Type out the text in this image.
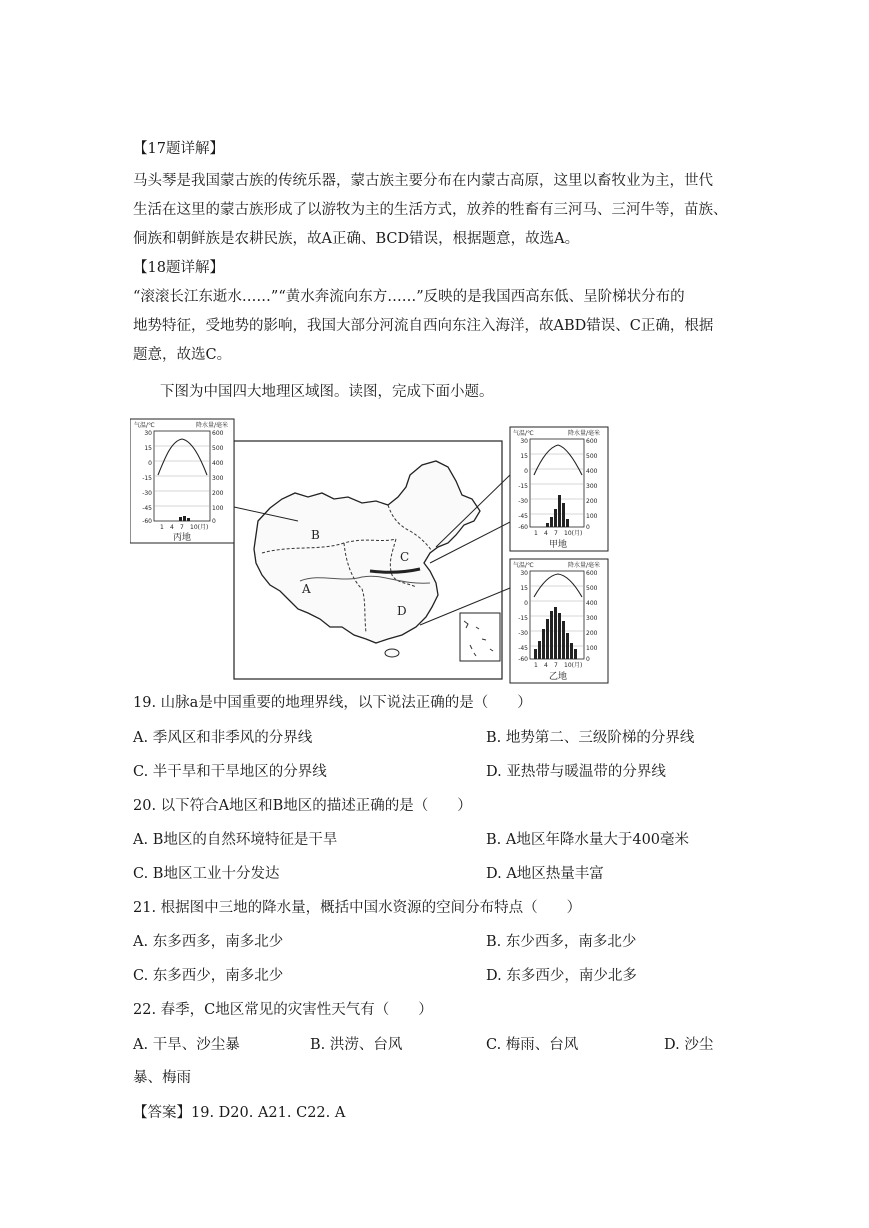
【17题详解】
马头琴是我国蒙古族的传统乐器，蒙古族主要分布在内蒙古高原，这里以畜牧业为主，世代
生活在这里的蒙古族形成了以游牧为主的生活方式，放养的牲畜有三河马、三河牛等，苗族、
侗族和朝鲜族是农耕民族，故A正确、BCD错误，根据题意，故选A。
【18题详解】
“滚滚长江东逝水……”“黄水奔流向东方……”反映的是我国西高东低、呈阶梯状分布的
地势特征，受地势的影响，我国大部分河流自西向东注入海洋，故ABD错误、C正确，根据
题意，故选C。
下图为中国四大地理区域图。读图，完成下面小题。
B
A
C
D
气温/℃	降水量/毫米
30
15
0
-15
-30
-45
-60
600
500
400
300
200
100
0
1 4 7 10(月)
丙地
气温/℃	降水量/毫米
30
15
0
-15
-30
-45
-60
600
500
400
300
200
100
0
1 4 7 10(月)
甲地
气温/℃	降水量/毫米
30
15
0
-15
-30
-45
-60
600
500
400
300
200
100
0
1 4 7 10(月)
乙地
19. 山脉a是中国重要的地理界线，以下说法正确的是（　　）
A. 季风区和非季风的分界线	B. 地势第二、三级阶梯的分界线
C. 半干旱和干旱地区的分界线	D. 亚热带与暖温带的分界线
20. 以下符合A地区和B地区的描述正确的是（　　）
A. B地区的自然环境特征是干旱	B. A地区年降水量大于400毫米
C. B地区工业十分发达	D. A地区热量丰富
21. 根据图中三地的降水量，概括中国水资源的空间分布特点（　　）
A. 东多西多，南多北少	B. 东少西多，南多北少
C. 东多西少，南多北少	D. 东多西少，南少北多
22. 春季，C地区常见的灾害性天气有（　　）
A. 干旱、沙尘暴	B. 洪涝、台风	C. 梅雨、台风	D. 沙尘
暴、梅雨
【答案】19. D20. A21. C22. A
